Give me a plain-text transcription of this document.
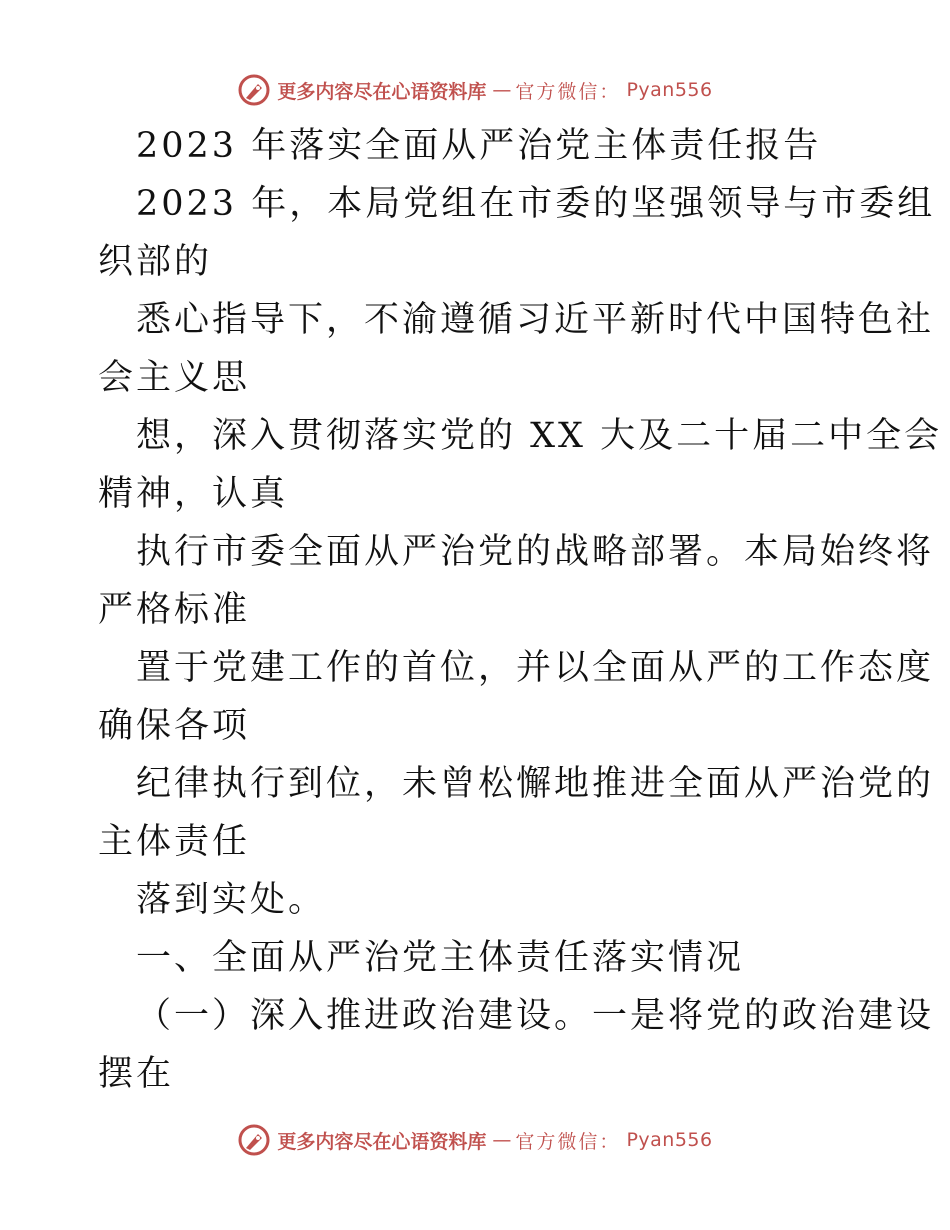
更多内容尽在心语资料库 — 官方微信： Pyan556
2023 年落实全面从严治党主体责任报告
2023 年，本局党组在市委的坚强领导与市委组
织部的
悉心指导下，不渝遵循习近平新时代中国特色社
会主义思
想，深入贯彻落实党的 XX 大及二十届二中全会
精神，认真
执行市委全面从严治党的战略部署。本局始终将
严格标准
置于党建工作的首位，并以全面从严的工作态度
确保各项
纪律执行到位，未曾松懈地推进全面从严治党的
主体责任
落到实处。
一、全面从严治党主体责任落实情况
（一）深入推进政治建设。一是将党的政治建设
摆在
更多内容尽在心语资料库 — 官方微信： Pyan556
